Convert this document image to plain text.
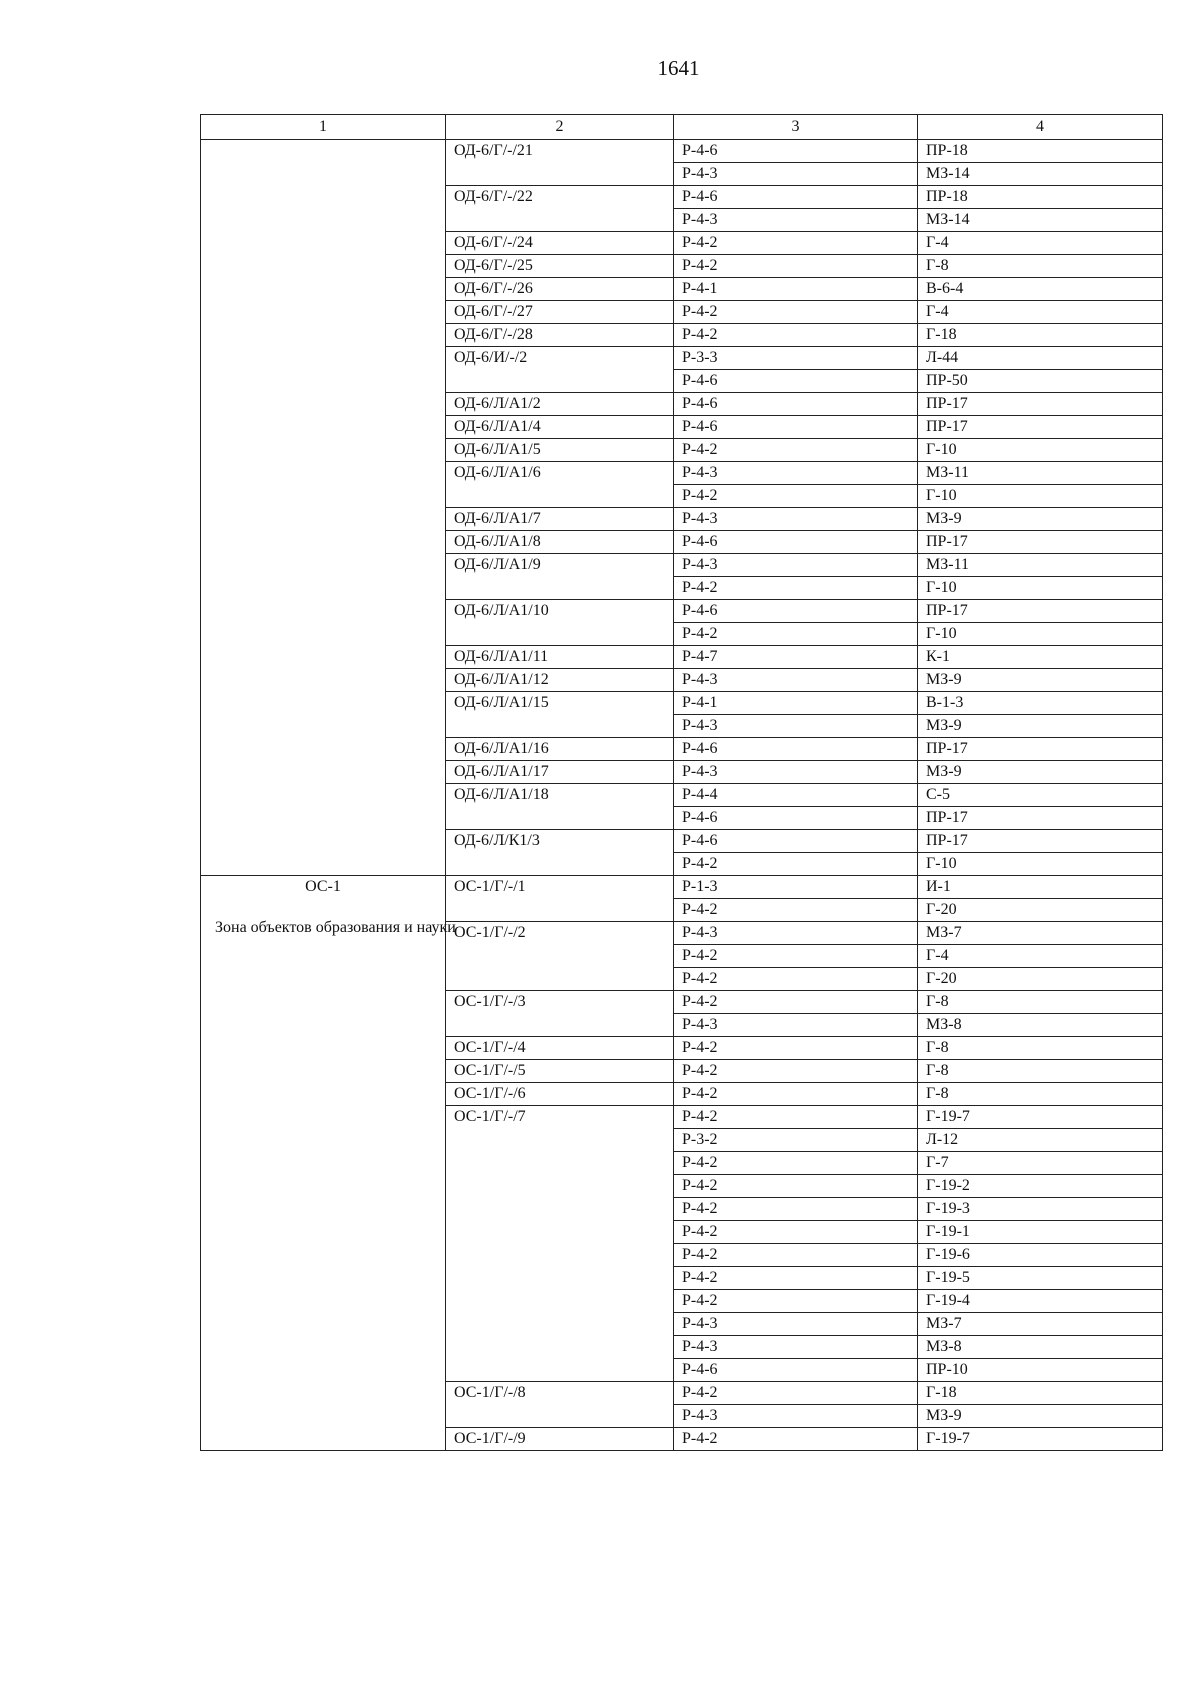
1641
1	2	3	4

	ОД-6/Г/-/21	Р-4-6	ПР-18
		Р-4-3	МЗ-14
	ОД-6/Г/-/22	Р-4-6	ПР-18
		Р-4-3	МЗ-14
	ОД-6/Г/-/24	Р-4-2	Г-4
	ОД-6/Г/-/25	Р-4-2	Г-8
	ОД-6/Г/-/26	Р-4-1	В-6-4
	ОД-6/Г/-/27	Р-4-2	Г-4
	ОД-6/Г/-/28	Р-4-2	Г-18
	ОД-6/И/-/2	Р-3-3	Л-44
		Р-4-6	ПР-50
	ОД-6/Л/А1/2	Р-4-6	ПР-17
	ОД-6/Л/А1/4	Р-4-6	ПР-17
	ОД-6/Л/А1/5	Р-4-2	Г-10
	ОД-6/Л/А1/6	Р-4-3	МЗ-11
		Р-4-2	Г-10
	ОД-6/Л/А1/7	Р-4-3	МЗ-9
	ОД-6/Л/А1/8	Р-4-6	ПР-17
	ОД-6/Л/А1/9	Р-4-3	МЗ-11
		Р-4-2	Г-10
	ОД-6/Л/А1/10	Р-4-6	ПР-17
		Р-4-2	Г-10
	ОД-6/Л/А1/11	Р-4-7	К-1
	ОД-6/Л/А1/12	Р-4-3	МЗ-9
	ОД-6/Л/А1/15	Р-4-1	В-1-3
		Р-4-3	МЗ-9
	ОД-6/Л/А1/16	Р-4-6	ПР-17
	ОД-6/Л/А1/17	Р-4-3	МЗ-9
	ОД-6/Л/А1/18	Р-4-4	С-5
		Р-4-6	ПР-17
	ОД-6/Л/К1/3	Р-4-6	ПР-17
		Р-4-2	Г-10

ОС-1
Зона объектов образования и науки	ОС-1/Г/-/1	Р-1-3	И-1
		Р-4-2	Г-20
	ОС-1/Г/-/2	Р-4-3	МЗ-7
		Р-4-2	Г-4
		Р-4-2	Г-20
	ОС-1/Г/-/3	Р-4-2	Г-8
		Р-4-3	МЗ-8
	ОС-1/Г/-/4	Р-4-2	Г-8
	ОС-1/Г/-/5	Р-4-2	Г-8
	ОС-1/Г/-/6	Р-4-2	Г-8
	ОС-1/Г/-/7	Р-4-2	Г-19-7
		Р-3-2	Л-12
		Р-4-2	Г-7
		Р-4-2	Г-19-2
		Р-4-2	Г-19-3
		Р-4-2	Г-19-1
		Р-4-2	Г-19-6
		Р-4-2	Г-19-5
		Р-4-2	Г-19-4
		Р-4-3	МЗ-7
		Р-4-3	МЗ-8
		Р-4-6	ПР-10
	ОС-1/Г/-/8	Р-4-2	Г-18
		Р-4-3	МЗ-9
	ОС-1/Г/-/9	Р-4-2	Г-19-7
